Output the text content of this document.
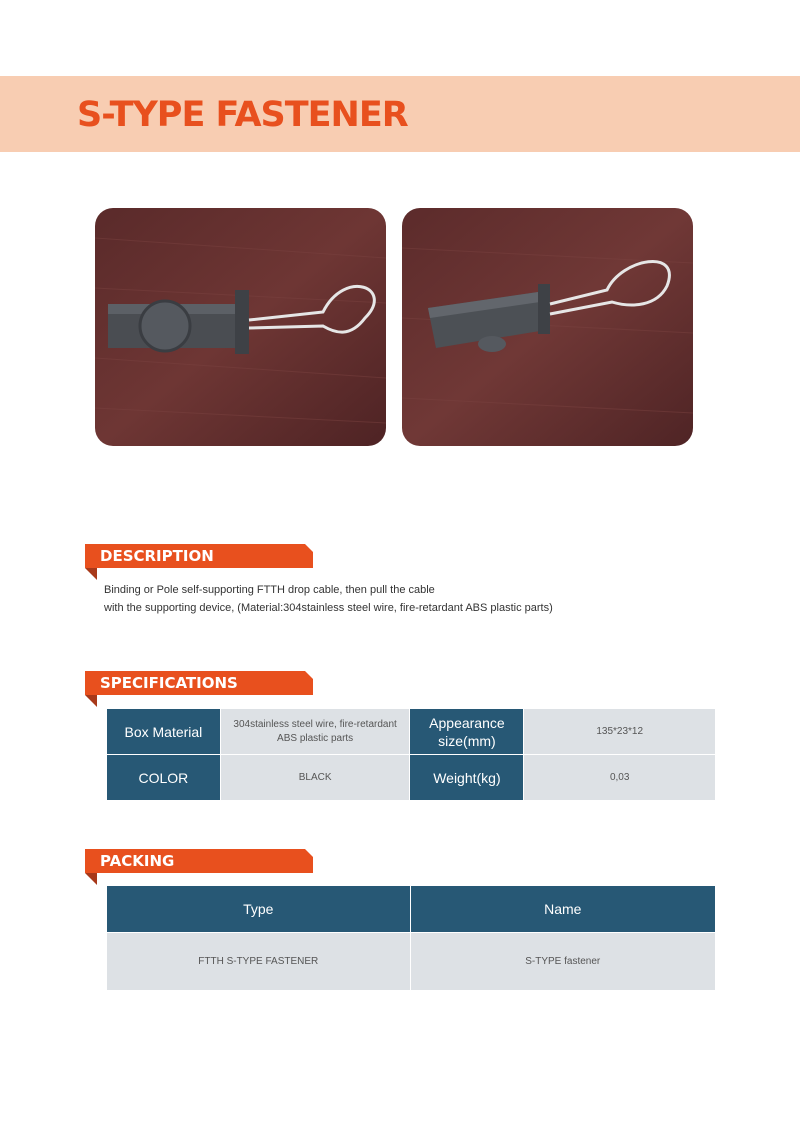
S-TYPE FASTENER
DESCRIPTION
Binding or Pole self-supporting FTTH drop cable, then pull the cable
with the supporting device, (Material:304stainless steel wire, fire-retardant ABS plastic parts)
SPECIFICATIONS
Box Material	304stainless steel wire, fire-retardant ABS plastic parts	Appearance size(mm)	135*23*12
COLOR	BLACK	Weight(kg)	0,03
PACKING
Type	Name
FTTH S-TYPE FASTENER	S-TYPE fastener
